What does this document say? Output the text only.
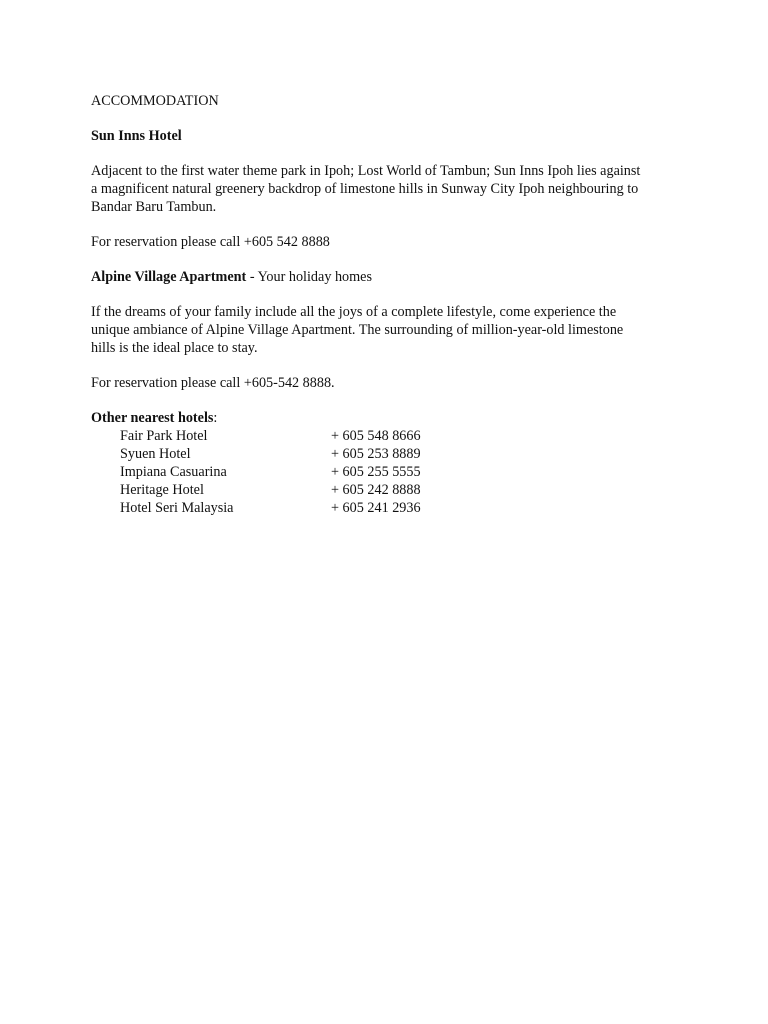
ACCOMMODATION

Sun Inns Hotel

Adjacent to the first water theme park in Ipoh; Lost World of Tambun; Sun Inns Ipoh lies against
a magnificent natural greenery backdrop of limestone hills in Sunway City Ipoh neighbouring to
Bandar Baru Tambun.

For reservation please call +605 542 8888

Alpine Village Apartment - Your holiday homes

If the dreams of your family include all the joys of a complete lifestyle, come experience the
unique ambiance of Alpine Village Apartment. The surrounding of million-year-old limestone
hills is the ideal place to stay.

For reservation please call +605-542 8888.

Other nearest hotels:

Fair Park Hotel	+ 605 548 8666
Syuen Hotel	+ 605 253 8889
Impiana Casuarina	+ 605 255 5555
Heritage Hotel	+ 605 242 8888
Hotel Seri Malaysia	+ 605 241 2936
